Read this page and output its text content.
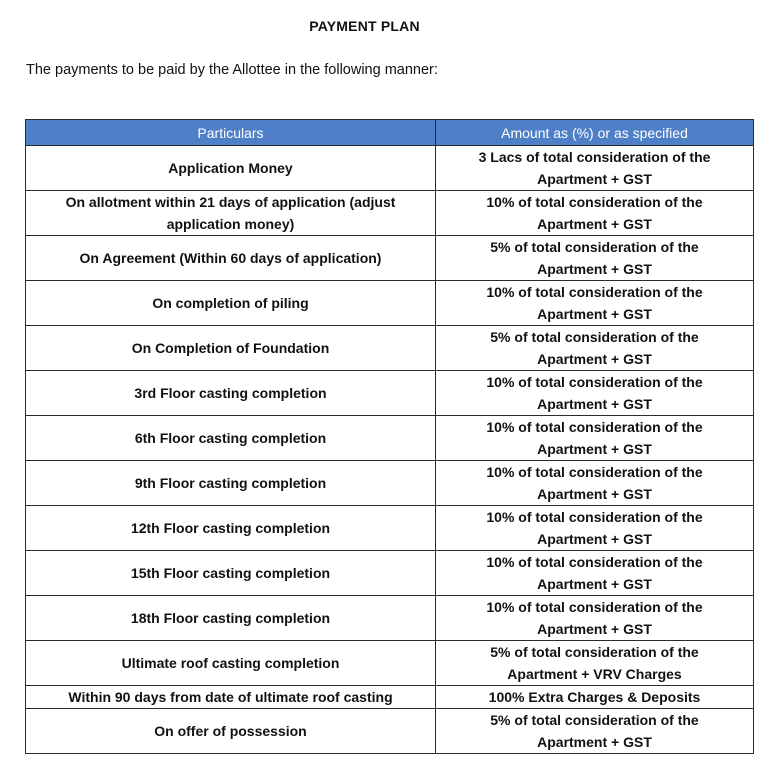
PAYMENT PLAN
The payments to be paid by the Allottee in the following manner:
Particulars	Amount as (%) or as specified
Application Money	3 Lacs of total consideration of the
Apartment + GST

On allotment within 21 days of application (adjust application money)	10% of total consideration of the
Apartment + GST

On Agreement (Within 60 days of application)	5% of total consideration of the
Apartment + GST

On completion of piling	10% of total consideration of the
Apartment + GST

On Completion of Foundation	5% of total consideration of the
Apartment + GST

3rd Floor casting completion	10% of total consideration of the
Apartment + GST

6th Floor casting completion	10% of total consideration of the
Apartment + GST

9th Floor casting completion	10% of total consideration of the
Apartment + GST

12th Floor casting completion	10% of total consideration of the
Apartment + GST

15th Floor casting completion	10% of total consideration of the
Apartment + GST

18th Floor casting completion	10% of total consideration of the
Apartment + GST

Ultimate roof casting completion	5% of total consideration of the
Apartment + VRV Charges

Within 90 days from date of ultimate roof casting	100% Extra Charges & Deposits

On offer of possession	5% of total consideration of the
Apartment + GST
